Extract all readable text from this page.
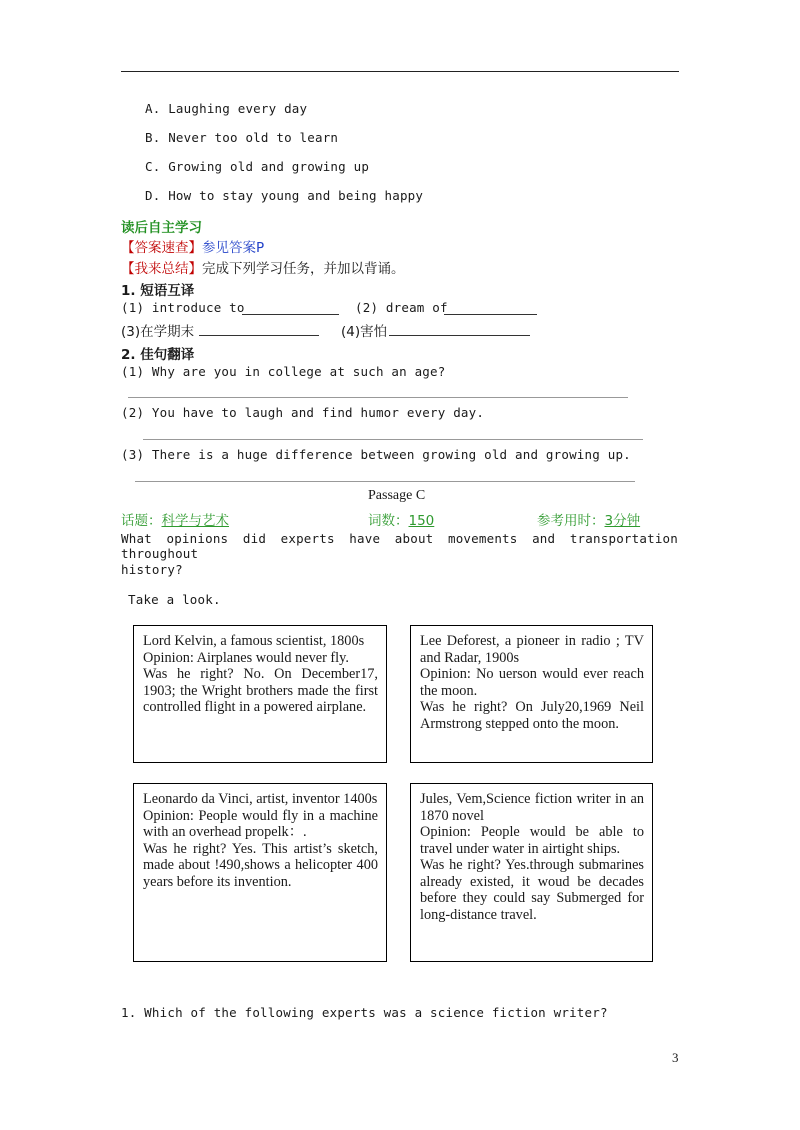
A. Laughing every day
B. Never too old to learn
C. Growing old and growing up
D. How to stay young and being happy
读后自主学习
【答案速查】参见答案P
【我来总结】完成下列学习任务，并加以背诵。
1. 短语互译
(1) introduce to	(2) dream of
(3)在学期末	(4)害怕
2. 佳句翻译
(1) Why are you in college at such an age?
(2) You have to laugh and find humor every day.
(3) There is a huge difference between growing old and growing up.
Passage C
话题：科学与艺术	词数：150	参考用时：3分钟
What opinions did experts have about movements and transportation throughout
history?
Take a look.
Lord Kelvin, a famous scientist, 1800s
Opinion: Airplanes would never fly.
Was he right? No. On December17, 1903; the Wright brothers made the first controlled flight in a powered airplane.
Lee Deforest, a pioneer in radio ; TV and Radar, 1900s
Opinion: No uerson would ever reach the moon.
Was he right? On July20,1969 Neil Armstrong stepped onto the moon.
Leonardo da Vinci, artist, inventor 1400s
Opinion: People would fly in a machine with an overhead propelk：.
Was he right? Yes. This artist’s sketch, made about !490,shows a helicopter 400 years before its invention.
Jules, Vem,Science fiction writer in an 1870 novel
Opinion: People would be able to travel under water in airtight ships.
Was he right? Yes.through submarines already existed, it woud be decades before they could say Submerged for long-distance travel.
1. Which of the following experts was a science fiction writer?
3
